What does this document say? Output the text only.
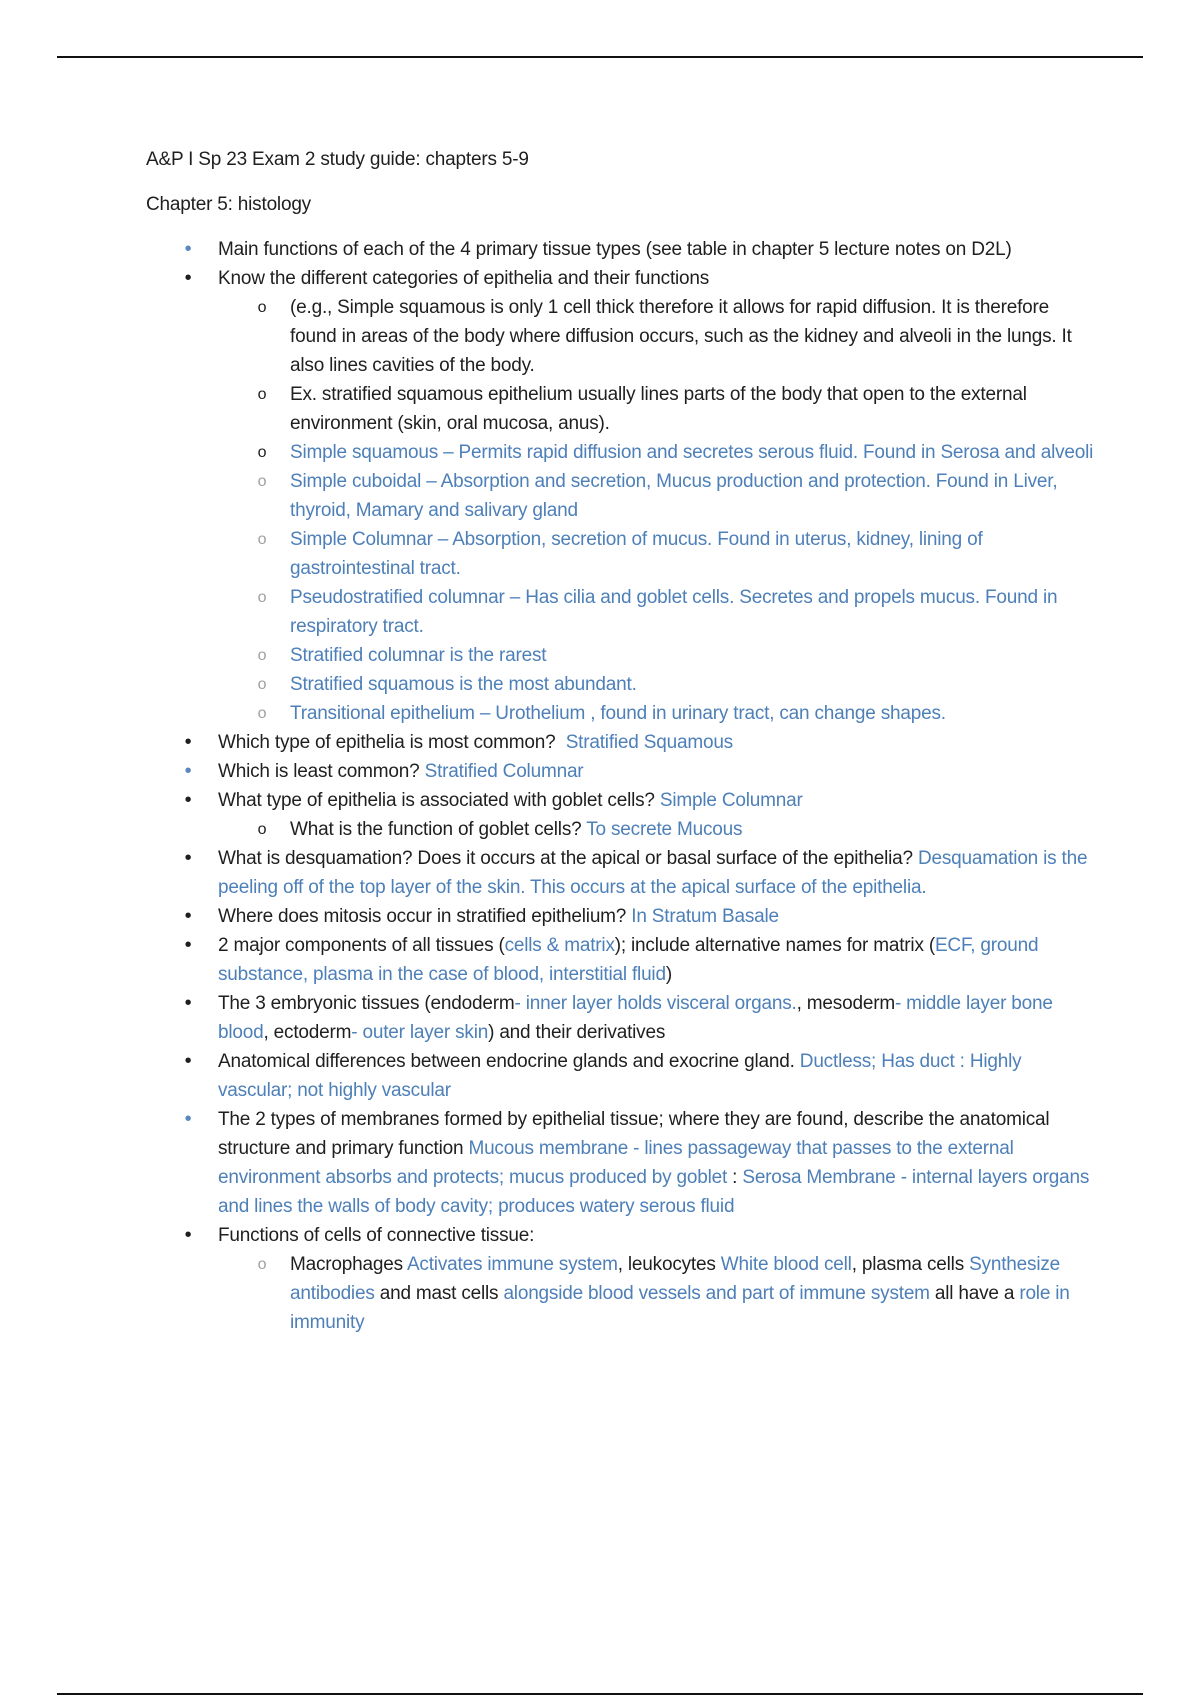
A&P I Sp 23 Exam 2 study guide: chapters 5-9

Chapter 5: histology

• Main functions of each of the 4 primary tissue types (see table in chapter 5 lecture notes on D2L)
• Know the different categories of epithelia and their functions
o (e.g., Simple squamous is only 1 cell thick therefore it allows for rapid diffusion. It is therefore found in areas of the body where diffusion occurs, such as the kidney and alveoli in the lungs. It also lines cavities of the body.
o Ex. stratified squamous epithelium usually lines parts of the body that open to the external environment (skin, oral mucosa, anus).
o Simple squamous – Permits rapid diffusion and secretes serous fluid. Found in Serosa and alveoli
o Simple cuboidal – Absorption and secretion, Mucus production and protection. Found in Liver, thyroid, Mamary and salivary gland
o Simple Columnar – Absorption, secretion of mucus. Found in uterus, kidney, lining of gastrointestinal tract.
o Pseudostratified columnar – Has cilia and goblet cells. Secretes and propels mucus. Found in respiratory tract.
o Stratified columnar is the rarest
o Stratified squamous is the most abundant.
o Transitional epithelium – Urothelium , found in urinary tract, can change shapes.
• Which type of epithelia is most common? Stratified Squamous
• Which is least common? Stratified Columnar
• What type of epithelia is associated with goblet cells? Simple Columnar
o What is the function of goblet cells? To secrete Mucous
• What is desquamation? Does it occurs at the apical or basal surface of the epithelia? Desquamation is the peeling off of the top layer of the skin. This occurs at the apical surface of the epithelia.
• Where does mitosis occur in stratified epithelium? In Stratum Basale
• 2 major components of all tissues (cells & matrix); include alternative names for matrix (ECF, ground substance, plasma in the case of blood, interstitial fluid)
• The 3 embryonic tissues (endoderm- inner layer holds visceral organs., mesoderm- middle layer bone blood, ectoderm- outer layer skin) and their derivatives
• Anatomical differences between endocrine glands and exocrine gland. Ductless; Has duct : Highly vascular; not highly vascular
• The 2 types of membranes formed by epithelial tissue; where they are found, describe the anatomical structure and primary function Mucous membrane - lines passageway that passes to the external environment absorbs and protects; mucus produced by goblet : Serosa Membrane - internal layers organs and lines the walls of body cavity; produces watery serous fluid
• Functions of cells of connective tissue:
o Macrophages Activates immune system, leukocytes White blood cell, plasma cells Synthesize antibodies and mast cells alongside blood vessels and part of immune system all have a role in immunity
